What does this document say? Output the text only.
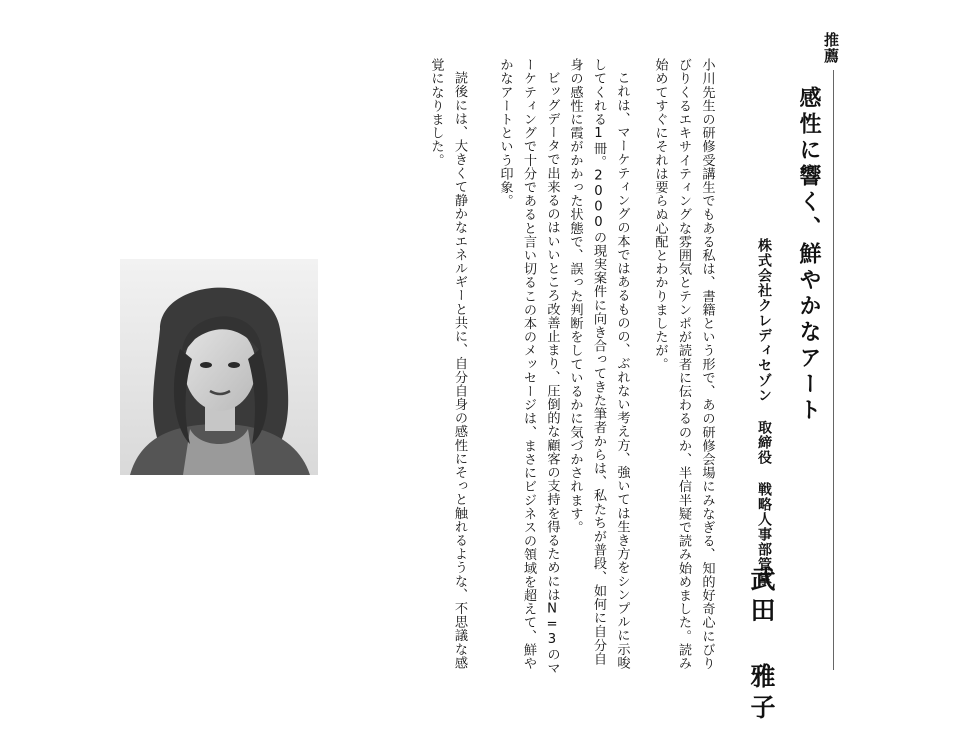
推薦
感性に響く、鮮やかなアート
株式会社クレディセゾン 取締役 戦略人事部管掌
武田 雅子
小川先生の研修受講生でもある私は、書籍という形で、あの研修会場にみなぎる、知的好奇心にびりびりくるエキサイティングな雰囲気とテンポが読者に伝わるのか、半信半疑で読み始めました。読み始めてすぐにそれは要らぬ心配とわかりましたが。
これは、マーケティングの本ではあるものの、ぶれない考え方、強いては生き方をシンプルに示唆してくれる1冊。2000の現実案件に向き合ってきた筆者からは、私たちが普段、如何に自分自身の感性に霞がかかった状態で、誤った判断をしているかに気づかされます。
ビッグデータで出来るのはいいところ改善止まり、圧倒的な顧客の支持を得るためにはN=3のマーケティングで十分であると言い切るこの本のメッセージは、まさにビジネスの領域を超えて、鮮やかなアートという印象。
読後には、大きくて静かなエネルギーと共に、自分自身の感性にそっと触れるような、不思議な感覚になりました。
